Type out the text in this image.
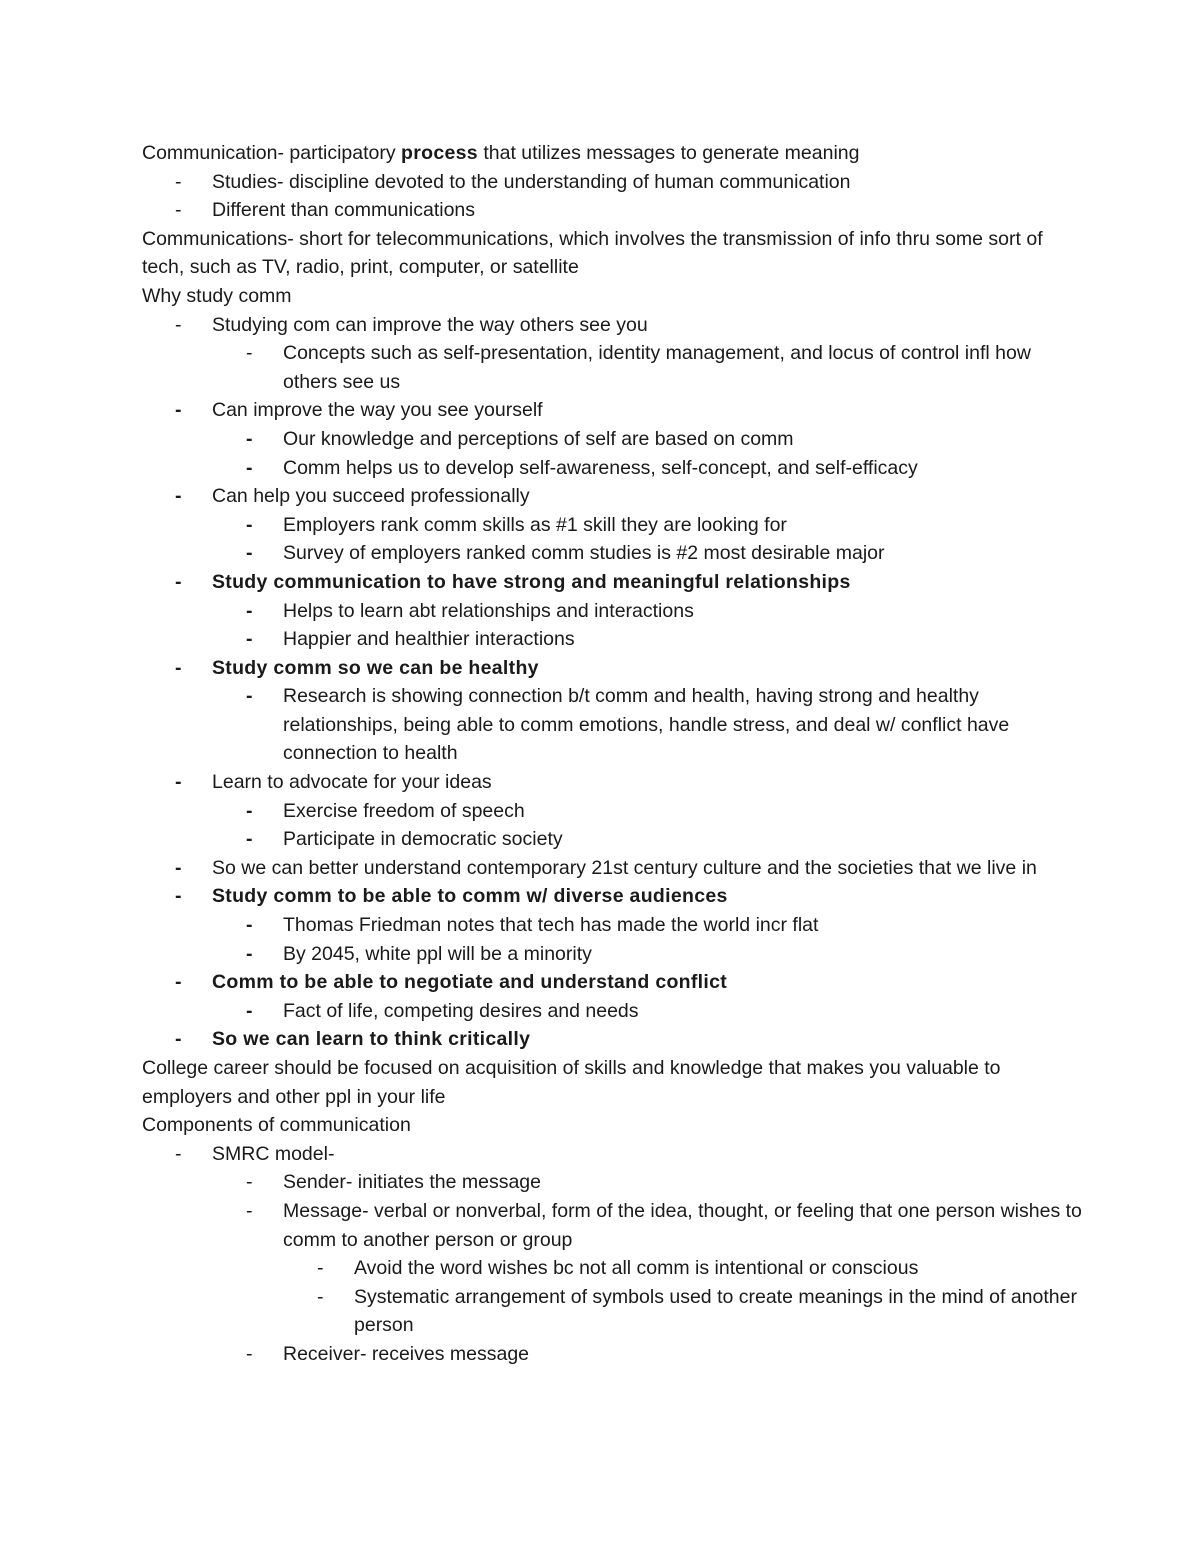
Communication- participatory process that utilizes messages to generate meaning
- Studies- discipline devoted to the understanding of human communication
- Different than communications
Communications- short for telecommunications, which involves the transmission of info thru some sort of tech, such as TV, radio, print, computer, or satellite
Why study comm
- Studying com can improve the way others see you
- Concepts such as self-presentation, identity management, and locus of control infl how others see us
- Can improve the way you see yourself
- Our knowledge and perceptions of self are based on comm
- Comm helps us to develop self-awareness, self-concept, and self-efficacy
- Can help you succeed professionally
- Employers rank comm skills as #1 skill they are looking for
- Survey of employers ranked comm studies is #2 most desirable major
- Study communication to have strong and meaningful relationships
- Helps to learn abt relationships and interactions
- Happier and healthier interactions
- Study comm so we can be healthy
- Research is showing connection b/t comm and health, having strong and healthy relationships, being able to comm emotions, handle stress, and deal w/ conflict have connection to health
- Learn to advocate for your ideas
- Exercise freedom of speech
- Participate in democratic society
- So we can better understand contemporary 21st century culture and the societies that we live in
- Study comm to be able to comm w/ diverse audiences
- Thomas Friedman notes that tech has made the world incr flat
- By 2045, white ppl will be a minority
- Comm to be able to negotiate and understand conflict
- Fact of life, competing desires and needs
- So we can learn to think critically
College career should be focused on acquisition of skills and knowledge that makes you valuable to employers and other ppl in your life
Components of communication
- SMRC model-
- Sender- initiates the message
- Message- verbal or nonverbal, form of the idea, thought, or feeling that one person wishes to comm to another person or group
- Avoid the word wishes bc not all comm is intentional or conscious
- Systematic arrangement of symbols used to create meanings in the mind of another person
- Receiver- receives message
